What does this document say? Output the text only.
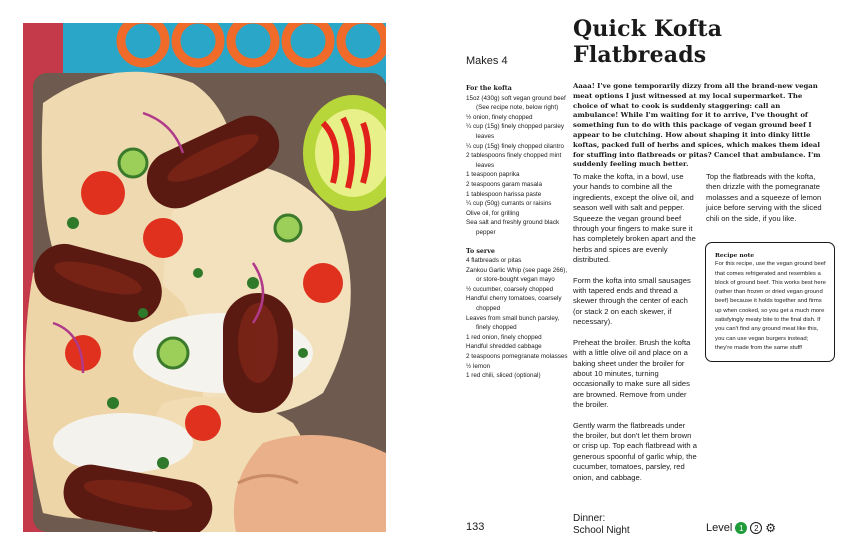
Makes 4
Quick Kofta
Flatbreads
For the kofta
15oz (430g) soft vegan ground beef (See recipe note, below right)
½ onion, finely chopped
¼ cup (15g) finely chopped parsley leaves
¼ cup (15g) finely chopped cilantro
2 tablespoons finely chopped mint leaves
1 teaspoon paprika
2 teaspoons garam masala
1 tablespoon harissa paste
¼ cup (50g) currants or raisins
Olive oil, for grilling
Sea salt and freshly ground black pepper
To serve
4 flatbreads or pitas
Zankou Garlic Whip (see page 266), or store-bought vegan mayo
½ cucumber, coarsely chopped
Handful cherry tomatoes, coarsely chopped
Leaves from small bunch parsley, finely chopped
1 red onion, finely chopped
Handful shredded cabbage
2 teaspoons pomegranate molasses
½ lemon
1 red chili, sliced (optional)
Aaaa! I've gone temporarily dizzy from all the brand-new vegan meat options I just witnessed at my local supermarket. The choice of what to cook is suddenly staggering: call an ambulance! While I'm waiting for it to arrive, I've thought of something fun to do with this package of vegan ground beef I appear to be clutching. How about shaping it into dinky little koftas, packed full of herbs and spices, which makes them ideal for stuffing into flatbreads or pitas? Cancel that ambulance. I'm suddenly feeling much better.

To make the kofta, in a bowl, use your hands to combine all the ingredients, except the olive oil, and season well with salt and pepper. Squeeze the vegan ground beef through your fingers to make sure it has completely broken apart and the herbs and spices are evenly distributed.

Form the kofta into small sausages with tapered ends and thread a skewer through the center of each (or stack 2 on each skewer, if necessary).

Preheat the broiler. Brush the kofta with a little olive oil and place on a baking sheet under the broiler for about 10 minutes, turning occasionally to make sure all sides are browned. Remove from under the broiler.

Gently warm the flatbreads under the broiler, but don't let them brown or crisp up. Top each flatbread with a generous spoonful of garlic whip, the cucumber, tomatoes, parsley, red onion, and cabbage.

Top the flatbreads with the kofta, then drizzle with the pomegranate molasses and a squeeze of lemon juice before serving with the sliced chili on the side, if you like.

Recipe note
For this recipe, use the vegan ground beef that comes refrigerated and resembles a block of ground beef. This works best here (rather than frozen or dried vegan ground beef) because it holds together and firms up when cooked, so you get a much more satisfyingly meaty bite to the final dish. If you can't find any ground meat like this, you can use vegan burgers instead; they're made from the same stuff!
133
Dinner:
School Night	Level 1	2 ⚙
